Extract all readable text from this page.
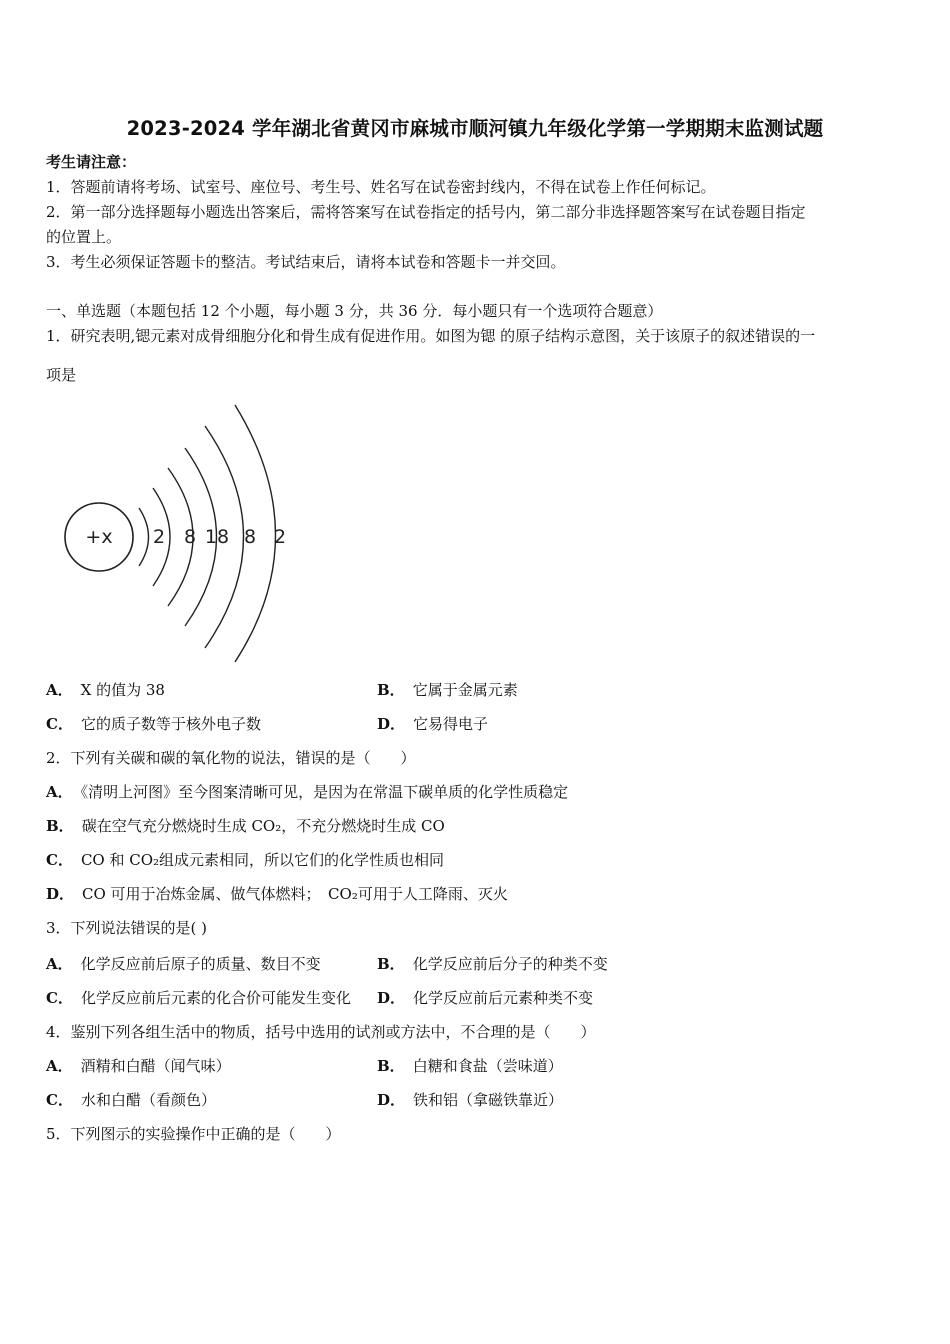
2023-2024 学年湖北省黄冈市麻城市顺河镇九年级化学第一学期期末监测试题
考生请注意：
1．答题前请将考场、试室号、座位号、考生号、姓名写在试卷密封线内，不得在试卷上作任何标记。
2．第一部分选择题每小题选出答案后，需将答案写在试卷指定的括号内，第二部分非选择题答案写在试卷题目指定
的位置上。
3．考生必须保证答题卡的整洁。考试结束后，请将本试卷和答题卡一并交回。
一、单选题（本题包括 12 个小题，每小题 3 分，共 36 分．每小题只有一个选项符合题意）
1．研究表明,锶元素对成骨细胞分化和骨生成有促进作用。如图为锶 的原子结构示意图，关于该原子的叙述错误的一
项是
+x 2 8 18 8 2
A． X 的值为 38	B． 它属于金属元素
C． 它的质子数等于核外电子数	D． 它易得电子
2．下列有关碳和碳的氧化物的说法，错误的是（　　）
A． 《清明上河图》至今图案清晰可见，是因为在常温下碳单质的化学性质稳定
B． 碳在空气充分燃烧时生成 CO₂，不充分燃烧时生成 CO
C． CO 和 CO₂组成元素相同，所以它们的化学性质也相同
D． CO 可用于冶炼金属、做气体燃料；　CO₂可用于人工降雨、灭火
3．下列说法错误的是( )
A． 化学反应前后原子的质量、数目不变	B． 化学反应前后分子的种类不变
C． 化学反应前后元素的化合价可能发生变化 D． 化学反应前后元素种类不变
4．鉴别下列各组生活中的物质，括号中选用的试剂或方法中，不合理的是（　　）
A． 酒精和白醋（闻气味）	B． 白糖和食盐（尝味道）
C． 水和白醋（看颜色）	D． 铁和铝（拿磁铁靠近）
5．下列图示的实验操作中正确的是（　　）
